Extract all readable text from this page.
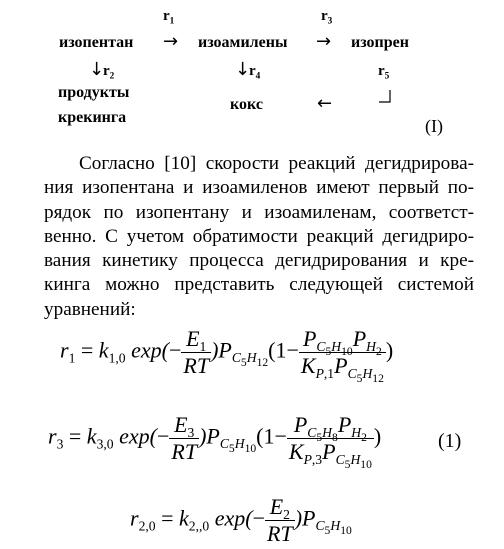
$r_1$	$r_3$
изопентан → изоамилены → изопрен
↓
$r_2$	↓
$r_4$	$r_5$
продукты
крекинга
кокс	←
(I)
Согласно [10] скорости реакций дегидрирова-
ния изопентана и изоамиленов имеют первый по-
рядок по изопентану и изоамиленам, соответст-
венно. С учетом обратимости реакций дегидриро-
вания кинетику процесса дегидрирования и кре-
кинга можно представить следующей системой
уравнений:
$r_1 = k_{1,0}$ $\exp(- \frac{E_1}{RT} )P_{C_5H_{12}}(1- \frac{P_{C_5H_{10}}P_{H_2}}{K_{P,1}P_{C_5H_{12}}}$ )
$r_3 = k_{3,0}$ $\exp(- \frac{E_3}{RT} )P_{C_5H_{10}}(1- \frac{P_{C_5H_8}P_{H_2}}{K_{P,3}P_{C_5H_{10}}}$ )	(1)
$r_{2,0} = k_{2,,0}$ $\exp(- \frac{E_2}{RT} )P_{C_5H_{10}}$
